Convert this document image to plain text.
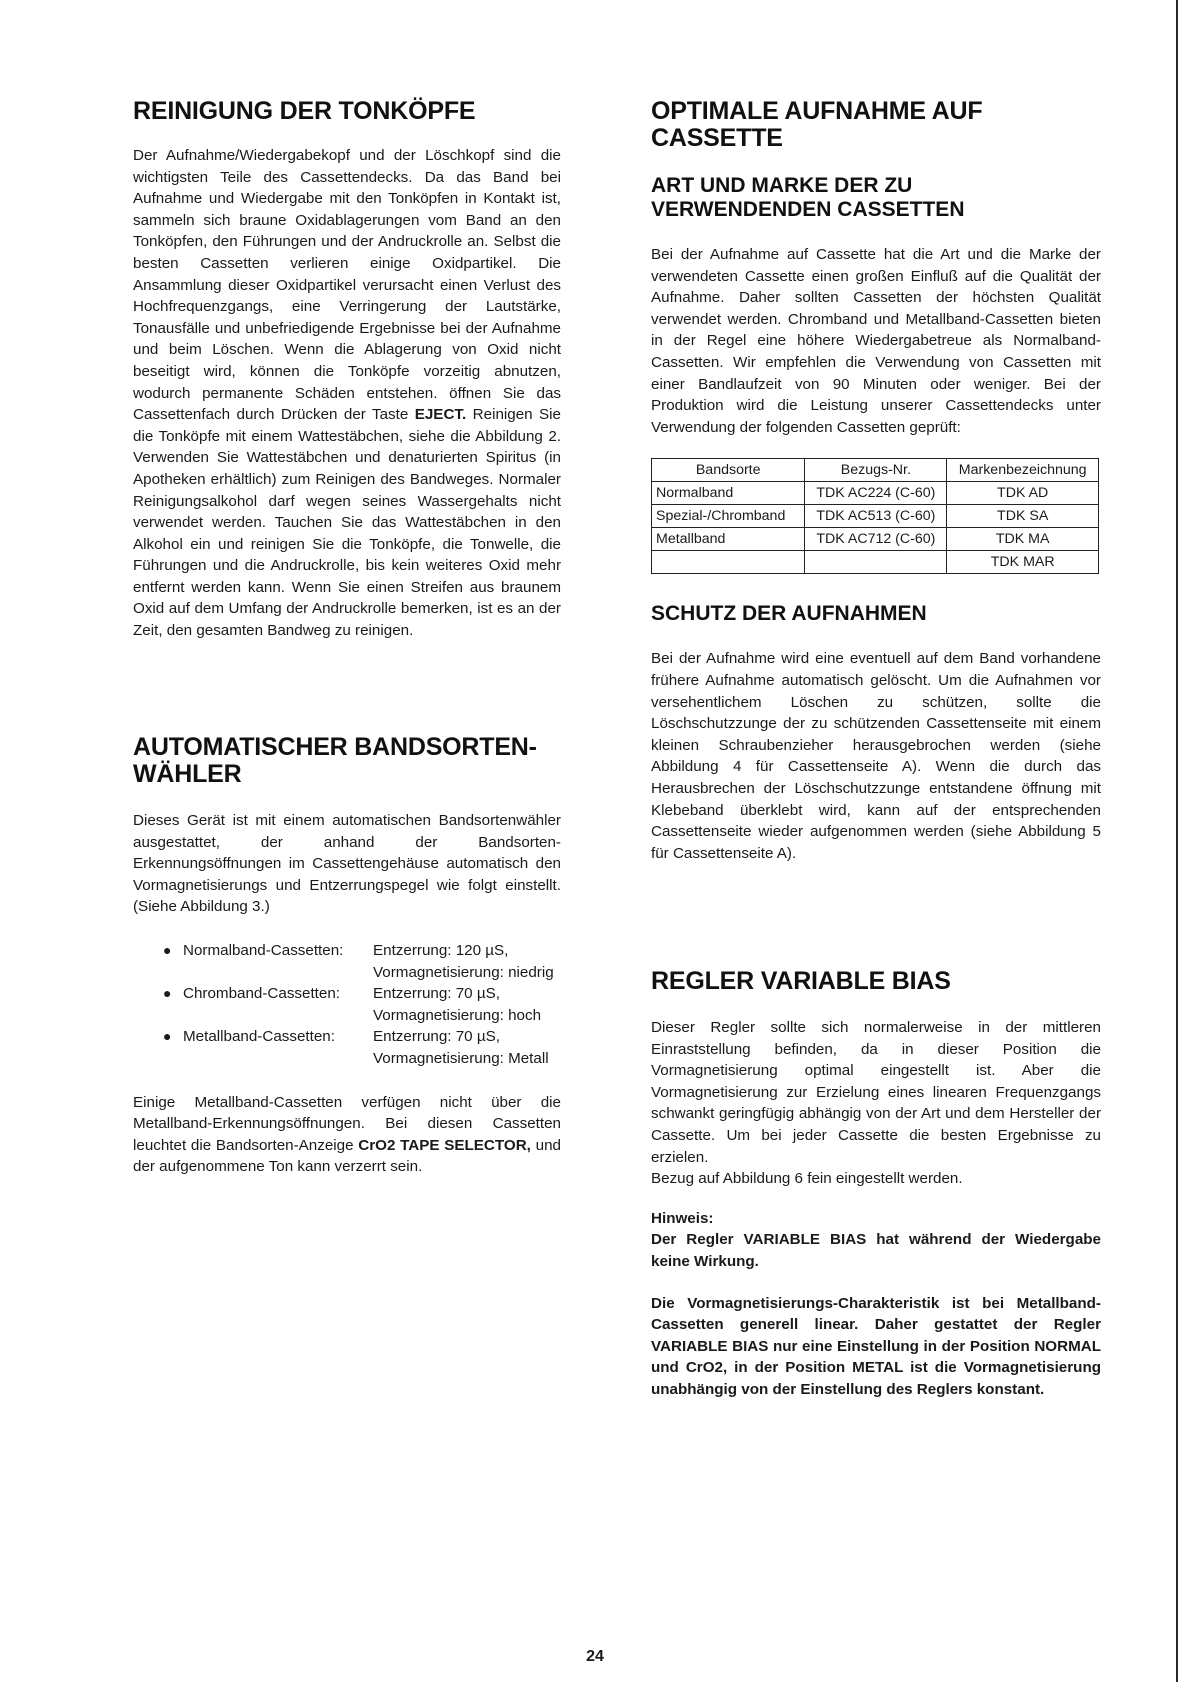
REINIGUNG DER TONKÖPFE

Der Aufnahme/Wiedergabekopf und der Löschkopf sind die wichtigsten Teile des Cassettendecks. Da das Band bei Aufnahme und Wiedergabe mit den Tonköpfen in Kontakt ist, sammeln sich braune Oxidablagerungen vom Band an den Tonköpfen, den Führungen und der Andruckrolle an. Selbst die besten Cassetten verlieren einige Oxidpartikel. Die Ansammlung dieser Oxidpartikel verursacht einen Verlust des Hochfrequenzgangs, eine Verringerung der Lautstärke, Tonausfälle und unbefriedigende Ergebnisse bei der Aufnahme und beim Löschen. Wenn die Ablagerung von Oxid nicht beseitigt wird, können die Tonköpfe vorzeitig abnutzen, wodurch permanente Schäden entstehen. öffnen Sie das Cassettenfach durch Drücken der Taste EJECT. Reinigen Sie die Tonköpfe mit einem Wattestäbchen, siehe die Abbildung 2. Verwenden Sie Wattestäbchen und denaturierten Spiritus (in Apotheken erhältlich) zum Reinigen des Bandweges. Normaler Reinigungsalkohol darf wegen seines Wassergehalts nicht verwendet werden. Tauchen Sie das Wattestäbchen in den Alkohol ein und reinigen Sie die Tonköpfe, die Tonwelle, die Führungen und die Andruckrolle, bis kein weiteres Oxid mehr entfernt werden kann. Wenn Sie einen Streifen aus braunem Oxid auf dem Umfang der Andruckrolle bemerken, ist es an der Zeit, den gesamten Bandweg zu reinigen.

AUTOMATISCHER BANDSORTEN-
WÄHLER

Dieses Gerät ist mit einem automatischen Bandsortenwähler ausgestattet, der anhand der Bandsorten-Erkennungsöffnungen im Cassettengehäuse automatisch den Vormagnetisierungs und Entzerrungspegel wie folgt einstellt. (Siehe Abbildung 3.)

● Normalband-Cassetten:	Entzerrung: 120 µS,
Vormagnetisierung: niedrig
● Chromband-Cassetten:	Entzerrung: 70 µS,
Vormagnetisierung: hoch
● Metallband-Cassetten:	Entzerrung: 70 µS,
Vormagnetisierung: Metall

Einige Metallband-Cassetten verfügen nicht über die Metallband-Erkennungsöffnungen. Bei diesen Cassetten leuchtet die Bandsorten-Anzeige CrO2 TAPE SELECTOR, und der aufgenommene Ton kann verzerrt sein.

OPTIMALE AUFNAHME AUF
CASSETTE
ART UND MARKE DER ZU
VERWENDENDEN CASSETTEN

Bei der Aufnahme auf Cassette hat die Art und die Marke der verwendeten Cassette einen großen Einfluß auf die Qualität der Aufnahme. Daher sollten Cassetten der höchsten Qualität verwendet werden. Chromband und Metallband-Cassetten bieten in der Regel eine höhere Wiedergabetreue als Normalband-Cassetten. Wir empfehlen die Verwendung von Cassetten mit einer Bandlaufzeit von 90 Minuten oder weniger. Bei der Produktion wird die Leistung unserer Cassettendecks unter Verwendung der folgenden Cassetten geprüft:

Bandsorte	Bezugs-Nr.	Markenbezeichnung
Normalband	TDK AC224 (C-60)	TDK AD
Spezial-/Chromband	TDK AC513 (C-60)	TDK SA
Metallband	TDK AC712 (C-60)	TDK MA
		TDK MAR
SCHUTZ DER AUFNAHMEN

Bei der Aufnahme wird eine eventuell auf dem Band vorhandene frühere Aufnahme automatisch gelöscht. Um die Aufnahmen vor versehentlichem Löschen zu schützen, sollte die Löschschutzzunge der zu schützenden Cassettenseite mit einem kleinen Schraubenzieher herausgebrochen werden (siehe Abbildung 4 für Cassettenseite A). Wenn die durch das Herausbrechen der Löschschutzzunge entstandene öffnung mit Klebeband überklebt wird, kann auf der entsprechenden Cassettenseite wieder aufgenommen werden (siehe Abbildung 5 für Cassettenseite A).

REGLER VARIABLE BIAS

Dieser Regler sollte sich normalerweise in der mittleren Einraststellung befinden, da in dieser Position die Vormagnetisierung optimal eingestellt ist. Aber die Vormagnetisierung zur Erzielung eines linearen Frequenzgangs schwankt geringfügig abhängig von der Art und dem Hersteller der Cassette. Um bei jeder Cassette die besten Ergebnisse zu erzielen.

Bezug auf Abbildung 6 fein eingestellt werden.

Hinweis:

Der Regler VARIABLE BIAS hat während der Wiedergabe keine Wirkung.

Die Vormagnetisierungs-Charakteristik ist bei Metallband-Cassetten generell linear. Daher gestattet der Regler VARIABLE BIAS nur eine Einstellung in der Position NORMAL und CrO2, in der Position METAL ist die Vormagnetisierung unabhängig von der Einstellung des Reglers konstant.

24
